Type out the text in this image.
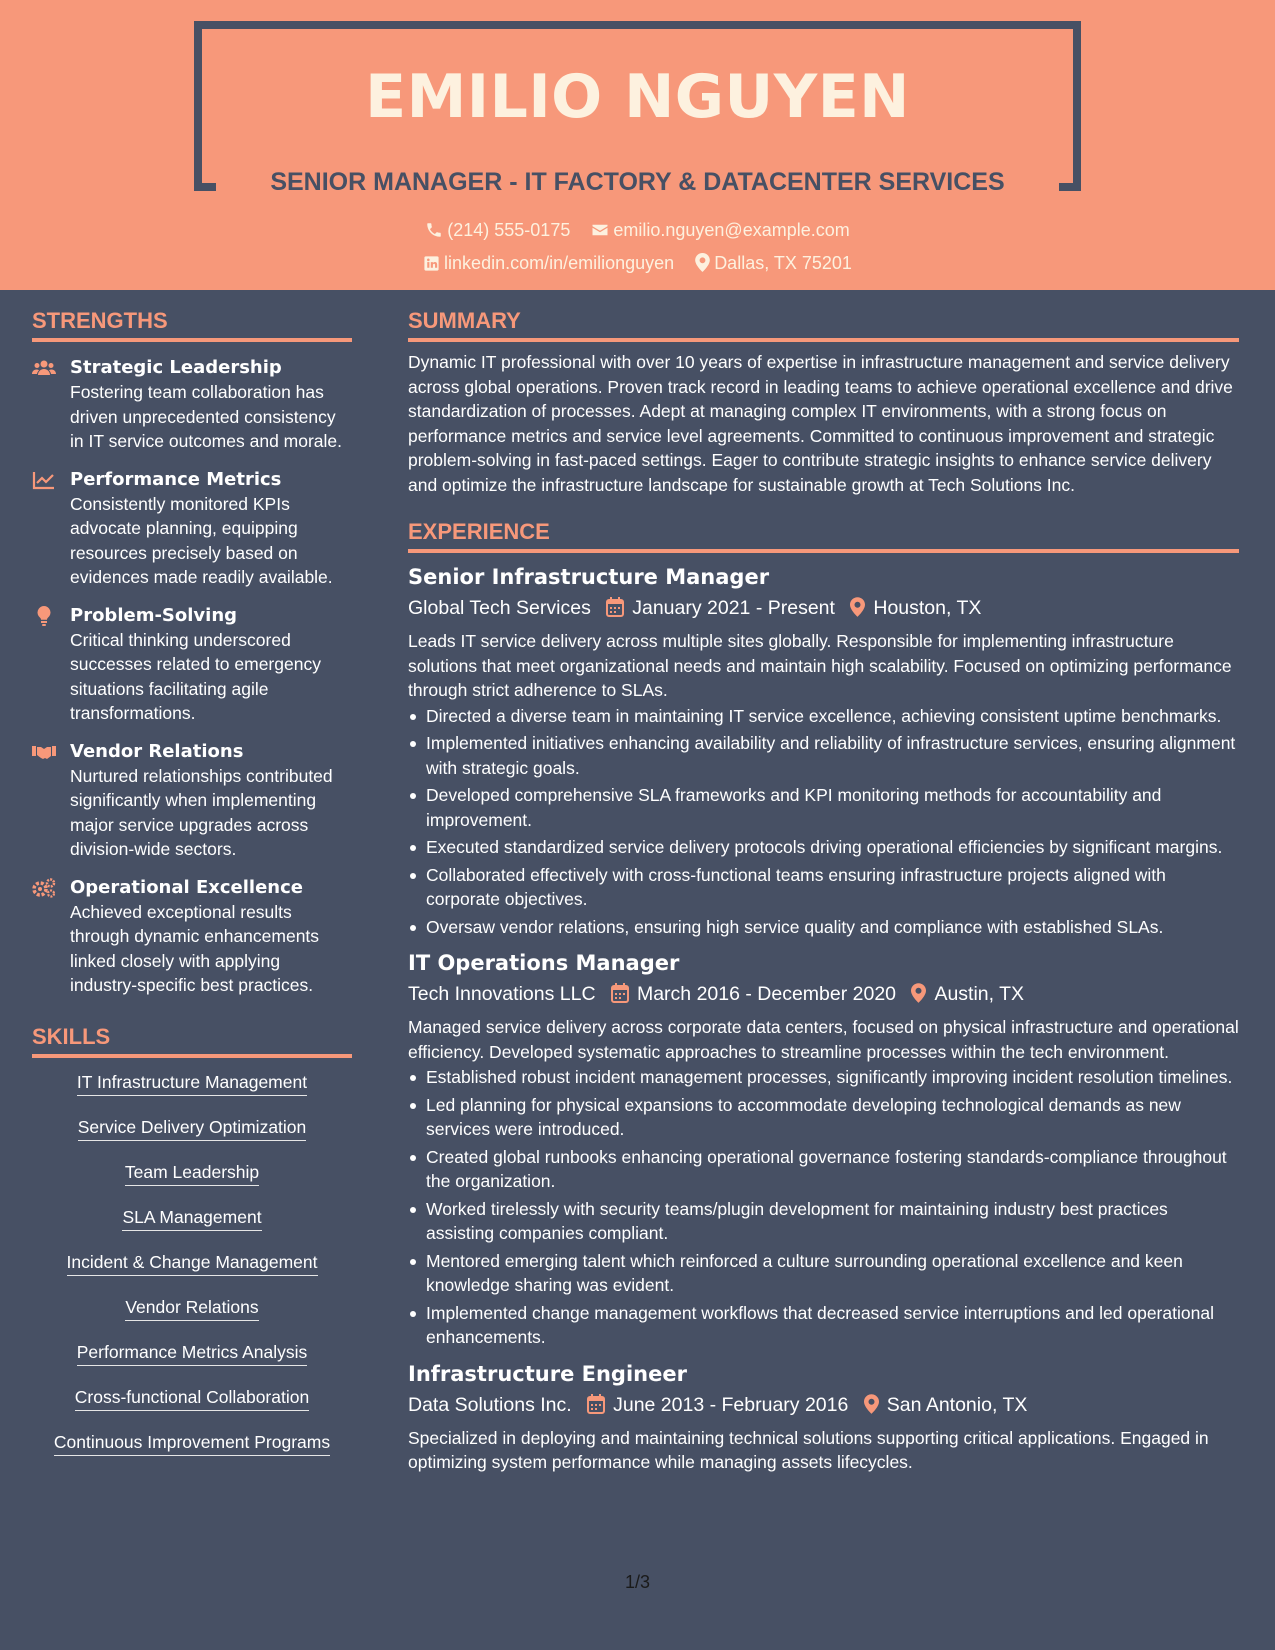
EMILIO NGUYEN
SENIOR MANAGER - IT FACTORY & DATACENTER SERVICES
(214) 555-0175 emilio.nguyen@example.com
linkedin.com/in/emilionguyen Dallas, TX 75201
STRENGTHS
Strategic Leadership
Fostering team collaboration has driven unprecedented consistency in IT service outcomes and morale.
Performance Metrics
Consistently monitored KPIs advocate planning, equipping resources precisely based on evidences made readily available.
Problem-Solving
Critical thinking underscored successes related to emergency situations facilitating agile transformations.
Vendor Relations
Nurtured relationships contributed significantly when implementing major service upgrades across division-wide sectors.
Operational Excellence
Achieved exceptional results through dynamic enhancements linked closely with applying industry-specific best practices.
SKILLS
IT Infrastructure Management
Service Delivery Optimization
Team Leadership
SLA Management
Incident & Change Management
Vendor Relations
Performance Metrics Analysis
Cross-functional Collaboration
Continuous Improvement Programs
SUMMARY
Dynamic IT professional with over 10 years of expertise in infrastructure management and service delivery across global operations. Proven track record in leading teams to achieve operational excellence and drive standardization of processes. Adept at managing complex IT environments, with a strong focus on performance metrics and service level agreements. Committed to continuous improvement and strategic problem-solving in fast-paced settings. Eager to contribute strategic insights to enhance service delivery and optimize the infrastructure landscape for sustainable growth at Tech Solutions Inc.
EXPERIENCE
Senior Infrastructure Manager
Global Tech Services January 2021 - Present Houston, TX
Leads IT service delivery across multiple sites globally. Responsible for implementing infrastructure solutions that meet organizational needs and maintain high scalability. Focused on optimizing performance through strict adherence to SLAs.
Directed a diverse team in maintaining IT service excellence, achieving consistent uptime benchmarks.
Implemented initiatives enhancing availability and reliability of infrastructure services, ensuring alignment with strategic goals.
Developed comprehensive SLA frameworks and KPI monitoring methods for accountability and improvement.
Executed standardized service delivery protocols driving operational efficiencies by significant margins.
Collaborated effectively with cross-functional teams ensuring infrastructure projects aligned with corporate objectives.
Oversaw vendor relations, ensuring high service quality and compliance with established SLAs.
IT Operations Manager
Tech Innovations LLC March 2016 - December 2020 Austin, TX
Managed service delivery across corporate data centers, focused on physical infrastructure and operational efficiency. Developed systematic approaches to streamline processes within the tech environment.
Established robust incident management processes, significantly improving incident resolution timelines.
Led planning for physical expansions to accommodate developing technological demands as new services were introduced.
Created global runbooks enhancing operational governance fostering standards-compliance throughout the organization.
Worked tirelessly with security teams/plugin development for maintaining industry best practices assisting companies compliant.
Mentored emerging talent which reinforced a culture surrounding operational excellence and keen knowledge sharing was evident.
Implemented change management workflows that decreased service interruptions and led operational enhancements.
Infrastructure Engineer
Data Solutions Inc. June 2013 - February 2016 San Antonio, TX
Specialized in deploying and maintaining technical solutions supporting critical applications. Engaged in optimizing system performance while managing assets lifecycles.
1/3
